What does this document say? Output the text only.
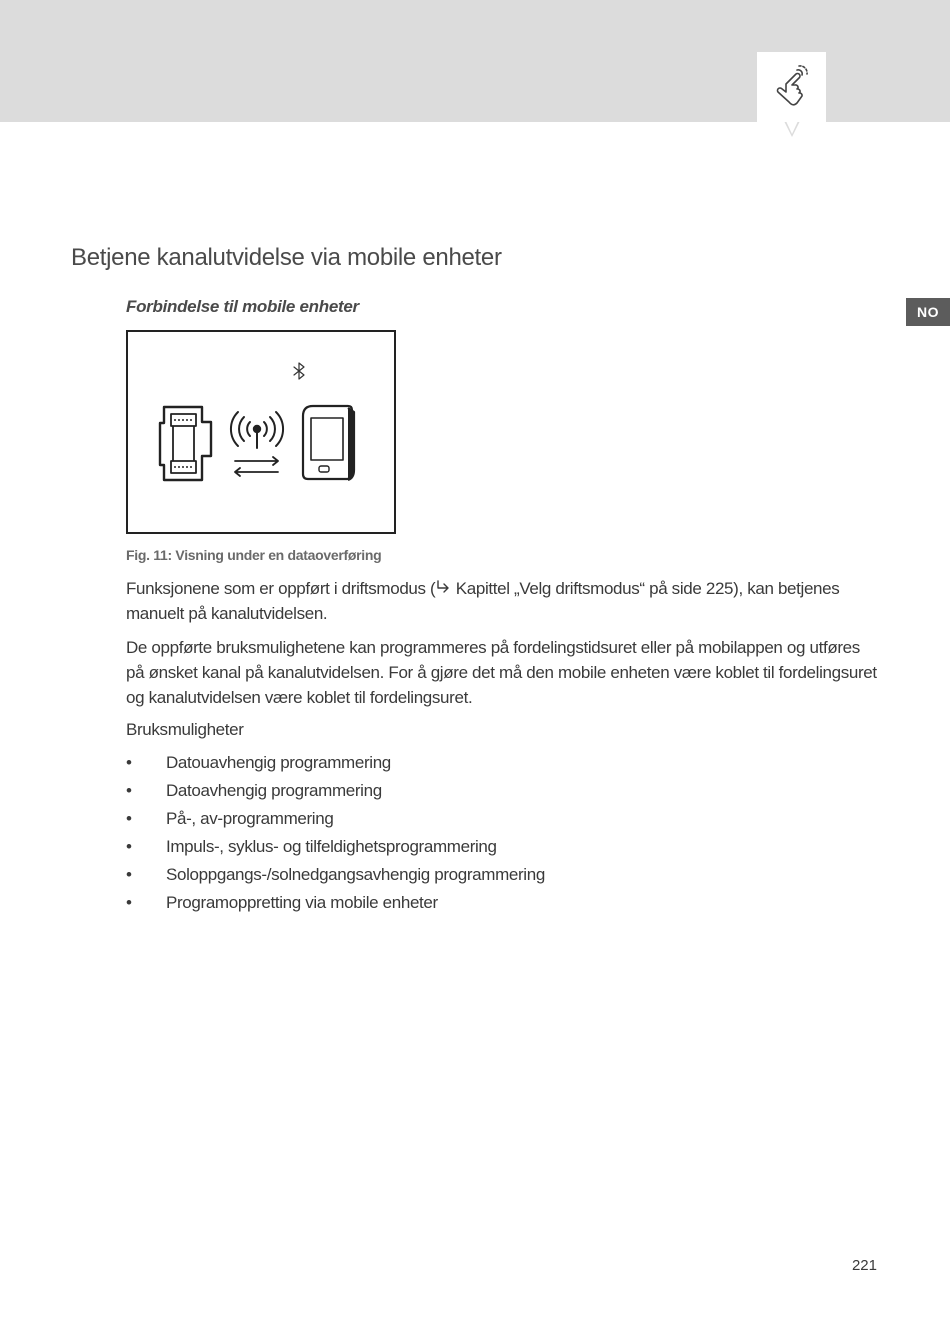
NO
Betjene kanalutvidelse via mobile enheter
Forbindelse til mobile enheter
Fig. 11: Visning under en dataoverføring

Funksjonene som er oppført i driftsmodus ( Kapittel „Velg driftsmodus“ på side 225), kan betjenes manuelt på kanalutvidelsen.

De oppførte bruksmulighetene kan programmeres på fordelingstidsuret eller på mobilappen og utføres på ønsket kanal på kanalutvidelsen. For å gjøre det må den mobile enheten være koblet til fordelingsuret og kanalutvidelsen være koblet til fordelingsuret.

Bruksmuligheter

•	Datouavhengig programmering
•	Datoavhengig programmering
•	På-, av-programmering
•	Impuls-, syklus- og tilfeldighetsprogrammering
•	Soloppgangs-/solnedgangsavhengig programmering
•	Programoppretting via mobile enheter
221
